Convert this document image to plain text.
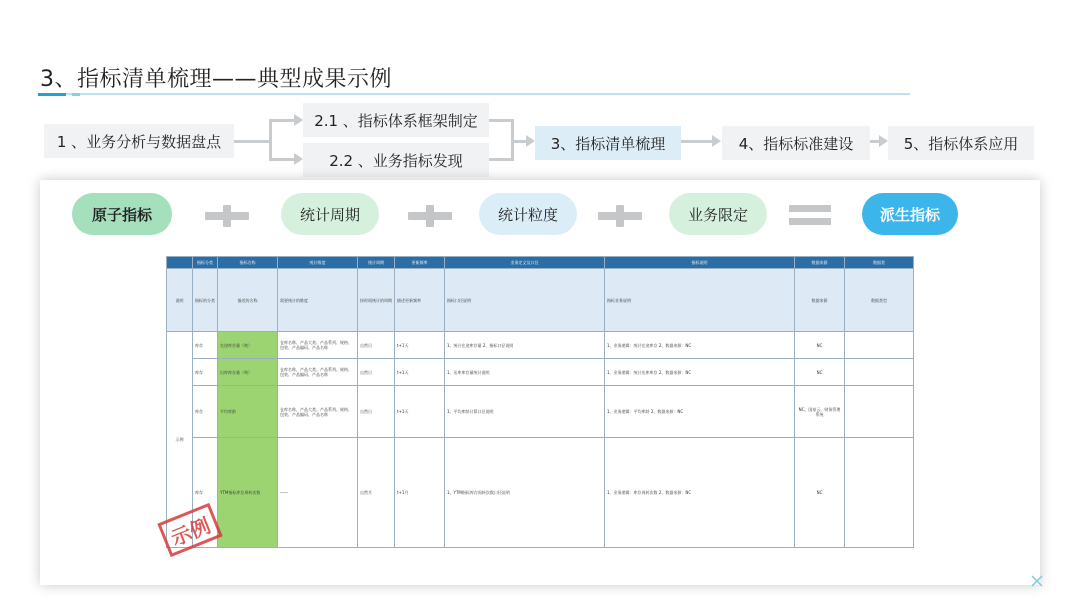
3、指标清单梳理——典型成果示例
1 、业务分析与数据盘点
2.1 、指标体系框架制定
2.2 、业务指标发现
3、指标清单梳理	4、指标标准建设	5、指标体系应用
原子指标	统计周期	统计粒度	业务限定	派生指标
	指标分类	指标名称	统计维度	统计周期	更新频率	业务定义及口径	指标说明	数据来源	数据类
说明	指标的分类	描述的名称	需要统计的维度	按时间统计的周期	描述更新频率	指标口径说明	指标业务说明	数据来源	数据类型
示例	库存	在途库存量（吨）	仓库名称、产品大类、产品系列、规格、包装、产品编码、产品名称	自然日	t+1天	1、统计在途库存量 2、指标口径说明	1、业务逻辑：统计在途库存 2、数据来源：NC	NC	
	库存	出库库存量（吨）	仓库名称、产品大类、产品系列、规格、包装、产品编码、产品名称	自然日	t+1天	1、出库库存量统计说明	1、业务逻辑：统计出库库存 2、数据来源：NC	NC	
	库存	平均库龄	仓库名称、产品大类、产品系列、规格、包装、产品编码、产品名称	自然日	t+1天	1、平均库龄计算口径说明	1、业务逻辑：平均库龄 2、数据来源：NC	NC、国家云，财务管理系统	
	库存	YTM指标库存周转次数	——	自然月	t+1月	1、YTM指标库存周转次数口径说明	1、业务逻辑：库存周转次数 2、数据来源：NC	NC	
示例
